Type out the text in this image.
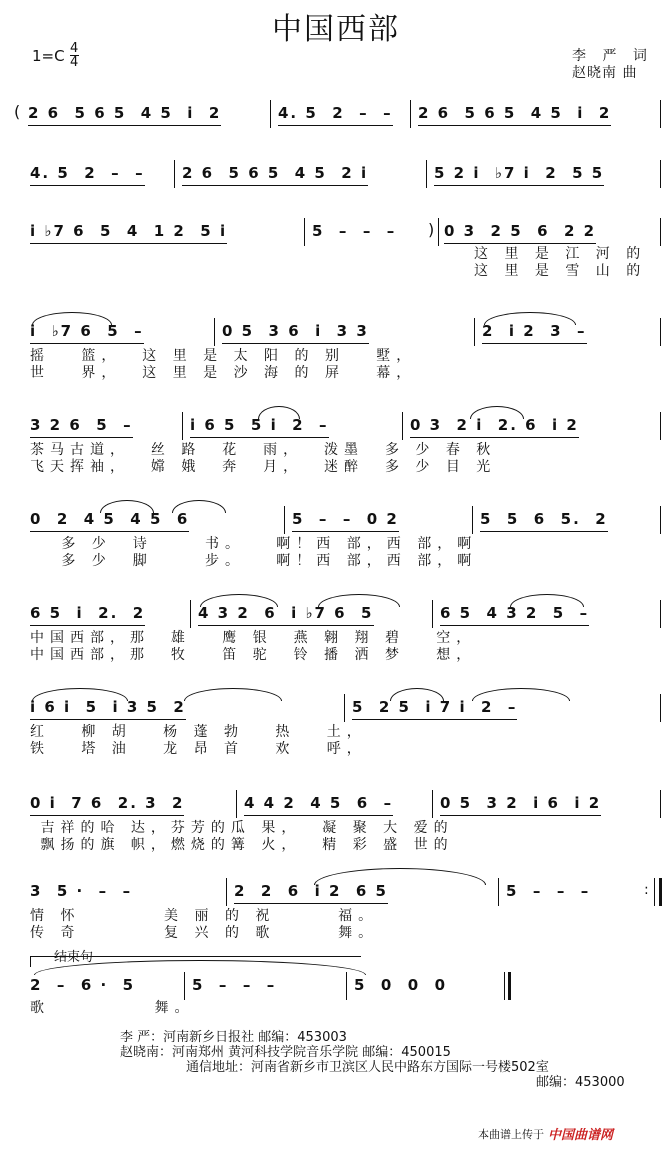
中国西部
$1=C \frac{4}{4}$	李 严 词
赵晓南 曲
( 2 6  5 6 5  4 5  i  2	4. 5  2  –  – 2 6  5 6 5  4 5  i  2
4. 5  2  –  – 2 6  5 6 5  4 5  2 i	5 2 i  ♭7 i  2  5 5
i ♭7 6  5  4  1 2  5 i	5  –  –  – ) 0 3  2 5  6  2 2
这 里 是 江 河 的
这 里 是 雪 山 的
i  ♭7 6  5  –	0 5  3 6  i  3 3	2  i 2  3  –
摇   篮，  这 里 是 太 阳 的 别   墅，
世   界，  这 里 是 沙 海 的 屏   幕，
3 2 6  5  –	i 6 5  5 i  2  –	0 3  2 i  2. 6  i 2
茶马古道，  丝 路  花  雨，  泼墨  多 少 春 秋
飞天挥袖，  嫦 娥  奔  月，  迷醉  多 少 目 光
0  2  4 5  4 5  6	5  –  –  0 2	5  5  6  5.  2
多 少  诗     书。   啊！西 部，西 部，啊
多 少  脚     步。   啊！西 部，西 部，啊
6 5  i  2.  2	4 3 2  6  i ♭7 6  5	6 5  4 3 2  5  –
中国西部，那  雄   鹰 银  燕 翱 翔 碧   空，
中国西部，那  牧   笛 驼  铃 播 洒 梦   想，
i 6 i  5  i 3 5  2	5  2 5  i 7 i  2  –
红   柳 胡   杨 蓬 勃   热   土，
铁   塔 油   龙 昂 首   欢   呼，
0 i  7 6  2. 3  2	4 4 2  4 5  6  –	0 5  3 2  i 6  i 2
吉祥的哈 达，芬芳的瓜 果，  凝 聚 大 爱的
飘扬的旗 帜，燃烧的篝 火，  精 彩 盛 世的
3  5 ·  –  –	2  2  6  i 2  6 5	5  –  –  –	:
情 怀        美 丽 的 祝      福。
传 奇        复 兴 的 歌      舞。
结束句
2  –  6 ·  5	5  –  –  –	5  0  0  0
歌          舞。
李 严：河南新乡日报社 邮编：453003
赵晓南：河南郑州 黄河科技学院音乐学院 邮编：450015
通信地址：河南省新乡市卫滨区人民中路东方国际一号楼502室
邮编：453000
本曲谱上传于 中国曲谱网
